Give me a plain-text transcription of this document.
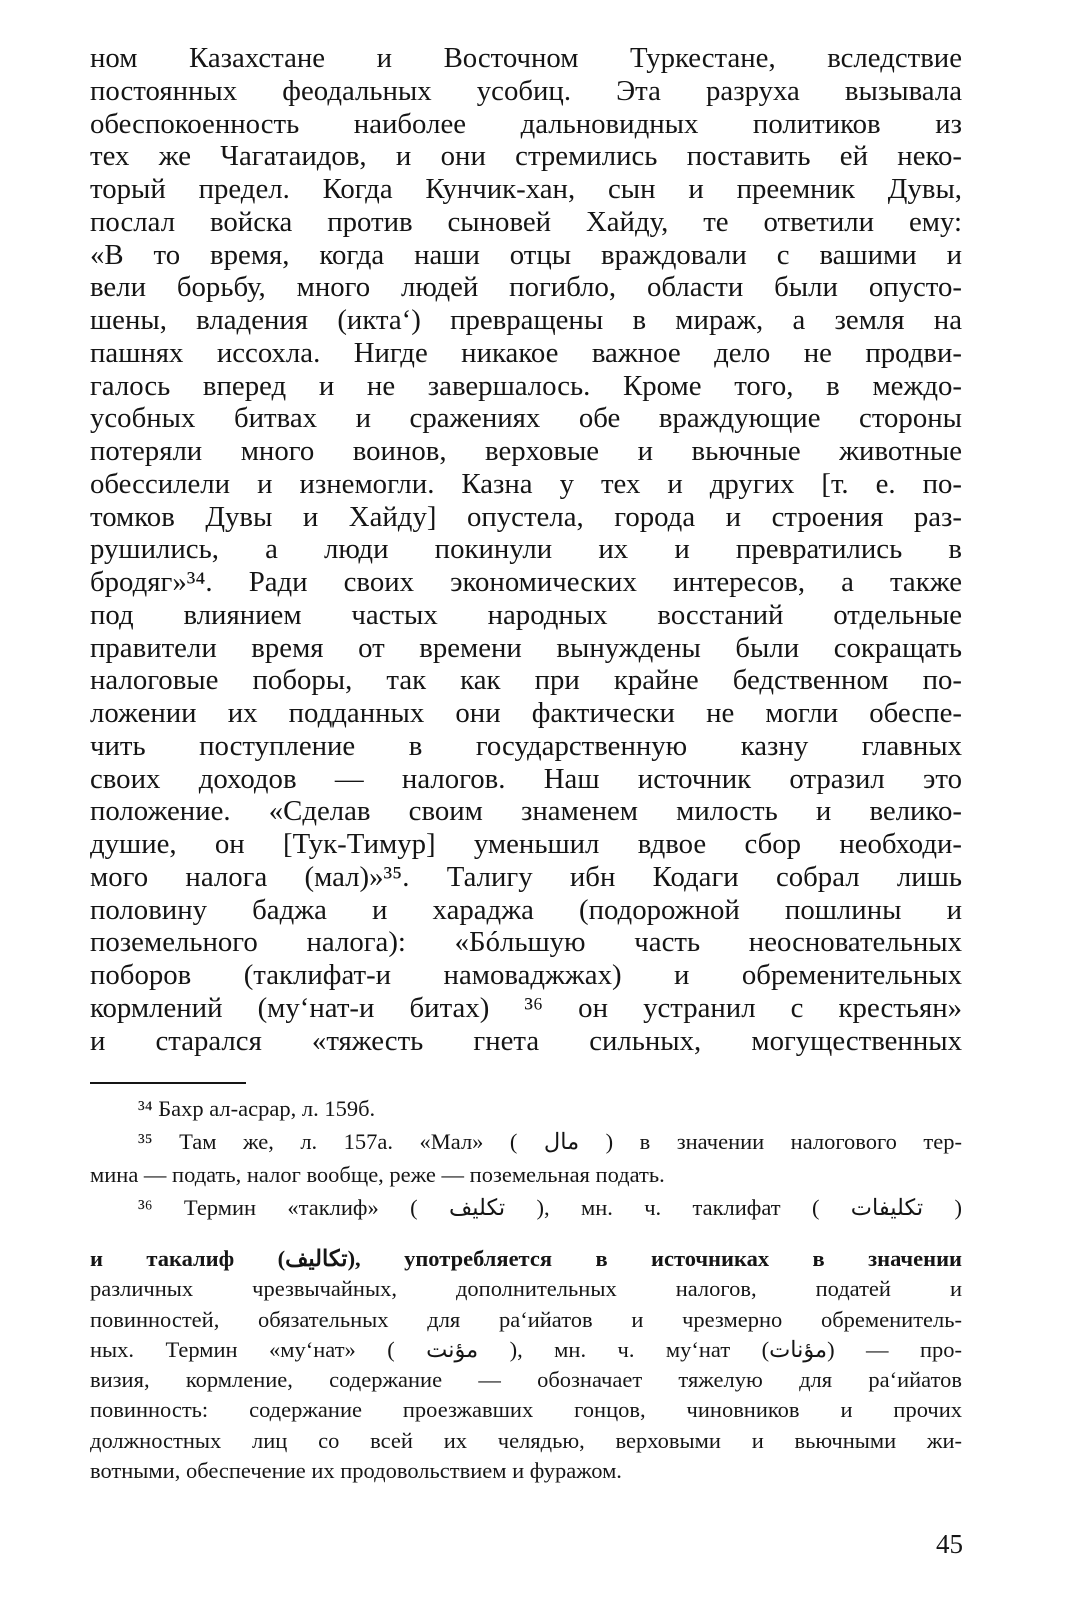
ном Казахстане и Восточном Туркестане, вследствие
постоянных феодальных усобиц. Эта разруха вызывала
обеспокоенность наиболее дальновидных политиков из
тех же Чагатаидов, и они стремились поставить ей неко-
торый предел. Когда Кунчик-хан, сын и преемник Дувы,
послал войска против сыновей Хайду, те ответили ему:
«В то время, когда наши отцы враждовали с вашими и
вели борьбу, много людей погибло, области были опусто-
шены, владения (икта‘) превращены в мираж, а земля на
пашнях иссохла. Нигде никакое важное дело не продви-
галось вперед и не завершалось. Кроме того, в междо-
усобных битвах и сражениях обе враждующие стороны
потеряли много воинов, верховые и вьючные животные
обессилели и изнемогли. Казна у тех и других [т. е. по-
томков Дувы и Хайду] опустела, города и строения раз-
рушились, а люди покинули их и превратились в
бродяг»³⁴. Ради своих экономических интересов, а также
под влиянием частых народных восстаний отдельные
правители время от времени вынуждены были сокращать
налоговые поборы, так как при крайне бедственном по-
ложении их подданных они фактически не могли обеспе-
чить поступление в государственную казну главных
своих доходов — налогов. Наш источник отразил это
положение. «Сделав своим знаменем милость и велико-
душие, он [Тук-Тимур] уменьшил вдвое сбор необходи-
мого налога (мал)»³⁵. Талигу ибн Кодаги собрал лишь
половину баджа и хараджа (подорожной пошлины и
поземельного налога): «Бóльшую часть неосновательных
поборов (таклифат-и намоваджжах) и обременительных
кормлений (му‘нат-и битах) ³⁶ он устранил с крестьян»
и старался «тяжесть гнета сильных, могущественных
³⁴ Бахр ал-асрар, л. 159б.
³⁵ Там же, л. 157а. «Мал» ( مال ) в значении налогового тер-
мина — подать, налог вообще, реже — поземельная подать.
³⁶ Термин «таклиф» ( تكليف ), мн. ч. таклифат ( تكليفات )
и такалиф (تكاليف), употребляется в источниках в значении
различных чрезвычайных, дополнительных налогов, податей и
повинностей, обязательных для ра‘ийатов и чрезмерно обременитель-
ных. Термин «му‘нат» ( مؤنت ), мн. ч. му‘нат (مؤنات) — про-
визия, кормление, содержание — обозначает тяжелую для ра‘ийатов
повинность: содержание проезжавших гонцов, чиновников и прочих
должностных лиц со всей их челядью, верховыми и вьючными жи-
вотными, обеспечение их продовольствием и фуражом.
45
